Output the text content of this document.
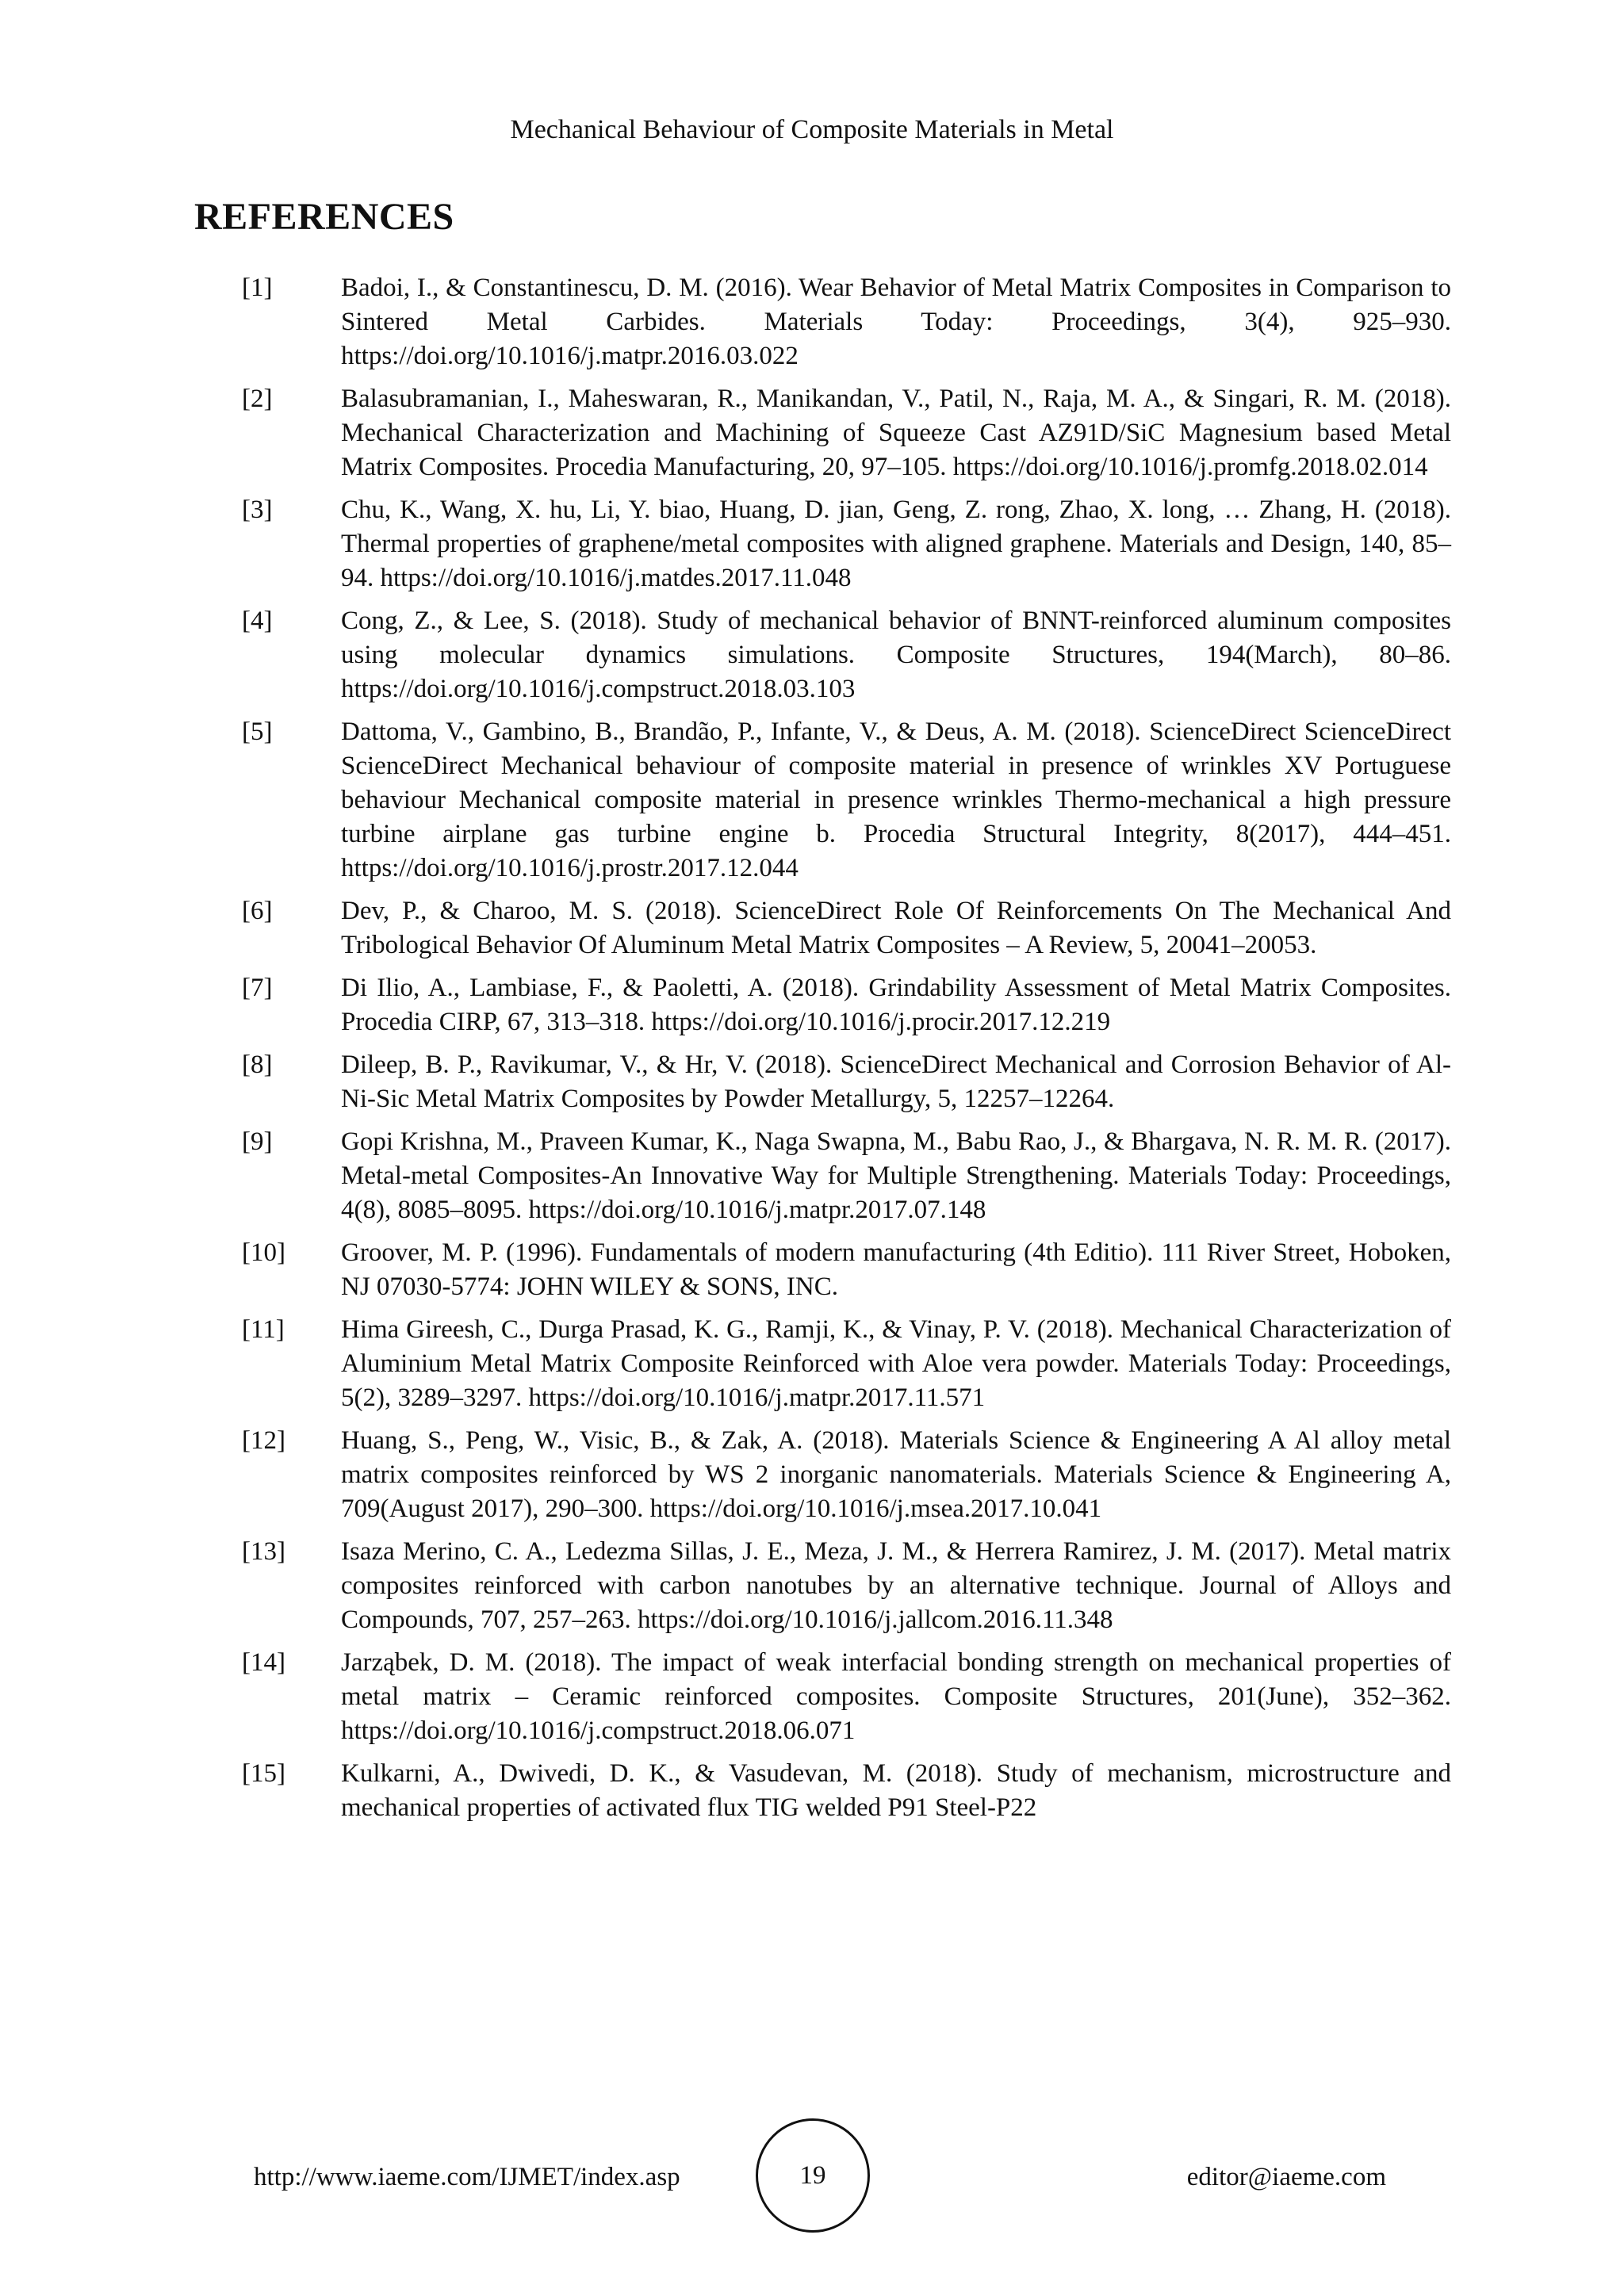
Mechanical Behaviour of Composite Materials in Metal
REFERENCES
[1]	Badoi, I., & Constantinescu, D. M. (2016). Wear Behavior of Metal Matrix Composites in Comparison to Sintered Metal Carbides. Materials Today: Proceedings, 3(4), 925–930. https://doi.org/10.1016/j.matpr.2016.03.022
[2]	Balasubramanian, I., Maheswaran, R., Manikandan, V., Patil, N., Raja, M. A., & Singari, R. M. (2018). Mechanical Characterization and Machining of Squeeze Cast AZ91D/SiC Magnesium based Metal Matrix Composites. Procedia Manufacturing, 20, 97–105. https://doi.org/10.1016/j.promfg.2018.02.014
[3]	Chu, K., Wang, X. hu, Li, Y. biao, Huang, D. jian, Geng, Z. rong, Zhao, X. long, … Zhang, H. (2018). Thermal properties of graphene/metal composites with aligned graphene. Materials and Design, 140, 85–94. https://doi.org/10.1016/j.matdes.2017.11.048
[4]	Cong, Z., & Lee, S. (2018). Study of mechanical behavior of BNNT-reinforced aluminum composites using molecular dynamics simulations. Composite Structures, 194(March), 80–86. https://doi.org/10.1016/j.compstruct.2018.03.103
[5]	Dattoma, V., Gambino, B., Brandão, P., Infante, V., & Deus, A. M. (2018). ScienceDirect ScienceDirect ScienceDirect Mechanical behaviour of composite material in presence of wrinkles XV Portuguese behaviour Mechanical composite material in presence wrinkles Thermo-mechanical a high pressure turbine airplane gas turbine engine b. Procedia Structural Integrity, 8(2017), 444–451. https://doi.org/10.1016/j.prostr.2017.12.044
[6]	Dev, P., & Charoo, M. S. (2018). ScienceDirect Role Of Reinforcements On The Mechanical And Tribological Behavior Of Aluminum Metal Matrix Composites – A Review, 5, 20041–20053.
[7]	Di Ilio, A., Lambiase, F., & Paoletti, A. (2018). Grindability Assessment of Metal Matrix Composites. Procedia CIRP, 67, 313–318. https://doi.org/10.1016/j.procir.2017.12.219
[8]	Dileep, B. P., Ravikumar, V., & Hr, V. (2018). ScienceDirect Mechanical and Corrosion Behavior of Al-Ni-Sic Metal Matrix Composites by Powder Metallurgy, 5, 12257–12264.
[9]	Gopi Krishna, M., Praveen Kumar, K., Naga Swapna, M., Babu Rao, J., & Bhargava, N. R. M. R. (2017). Metal-metal Composites-An Innovative Way for Multiple Strengthening. Materials Today: Proceedings, 4(8), 8085–8095. https://doi.org/10.1016/j.matpr.2017.07.148
[10] Groover, M. P. (1996). Fundamentals of modern manufacturing (4th Editio). 111 River Street, Hoboken, NJ 07030-5774: JOHN WILEY & SONS, INC.
[11] Hima Gireesh, C., Durga Prasad, K. G., Ramji, K., & Vinay, P. V. (2018). Mechanical Characterization of Aluminium Metal Matrix Composite Reinforced with Aloe vera powder. Materials Today: Proceedings, 5(2), 3289–3297. https://doi.org/10.1016/j.matpr.2017.11.571
[12] Huang, S., Peng, W., Visic, B., & Zak, A. (2018). Materials Science & Engineering A Al alloy metal matrix composites reinforced by WS 2 inorganic nanomaterials. Materials Science & Engineering A, 709(August 2017), 290–300. https://doi.org/10.1016/j.msea.2017.10.041
[13] Isaza Merino, C. A., Ledezma Sillas, J. E., Meza, J. M., & Herrera Ramirez, J. M. (2017). Metal matrix composites reinforced with carbon nanotubes by an alternative technique. Journal of Alloys and Compounds, 707, 257–263. https://doi.org/10.1016/j.jallcom.2016.11.348
[14] Jarząbek, D. M. (2018). The impact of weak interfacial bonding strength on mechanical properties of metal matrix – Ceramic reinforced composites. Composite Structures, 201(June), 352–362. https://doi.org/10.1016/j.compstruct.2018.06.071
[15] Kulkarni, A., Dwivedi, D. K., & Vasudevan, M. (2018). Study of mechanism, microstructure and mechanical properties of activated flux TIG welded P91 Steel-P22
http://www.iaeme.com/IJMET/index.asp	19	editor@iaeme.com
